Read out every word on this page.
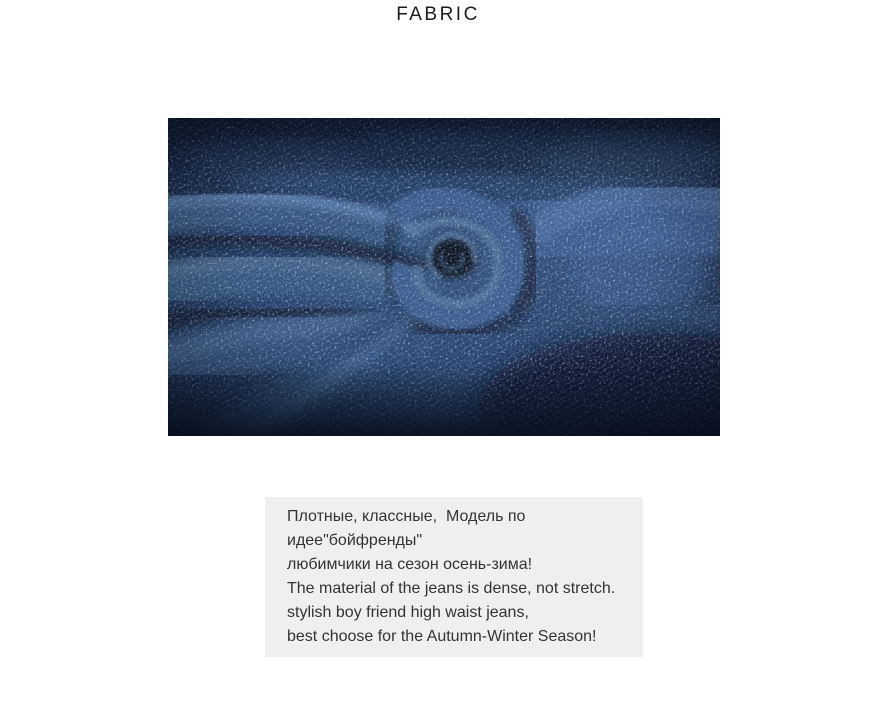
FABRIC

Плотные, классные,  Модель по идее"бойфренды"

любимчики на сезон осень-зима!

The material of the jeans is dense, not stretch.

stylish boy friend high waist jeans,

best choose for the Autumn-Winter Season!
